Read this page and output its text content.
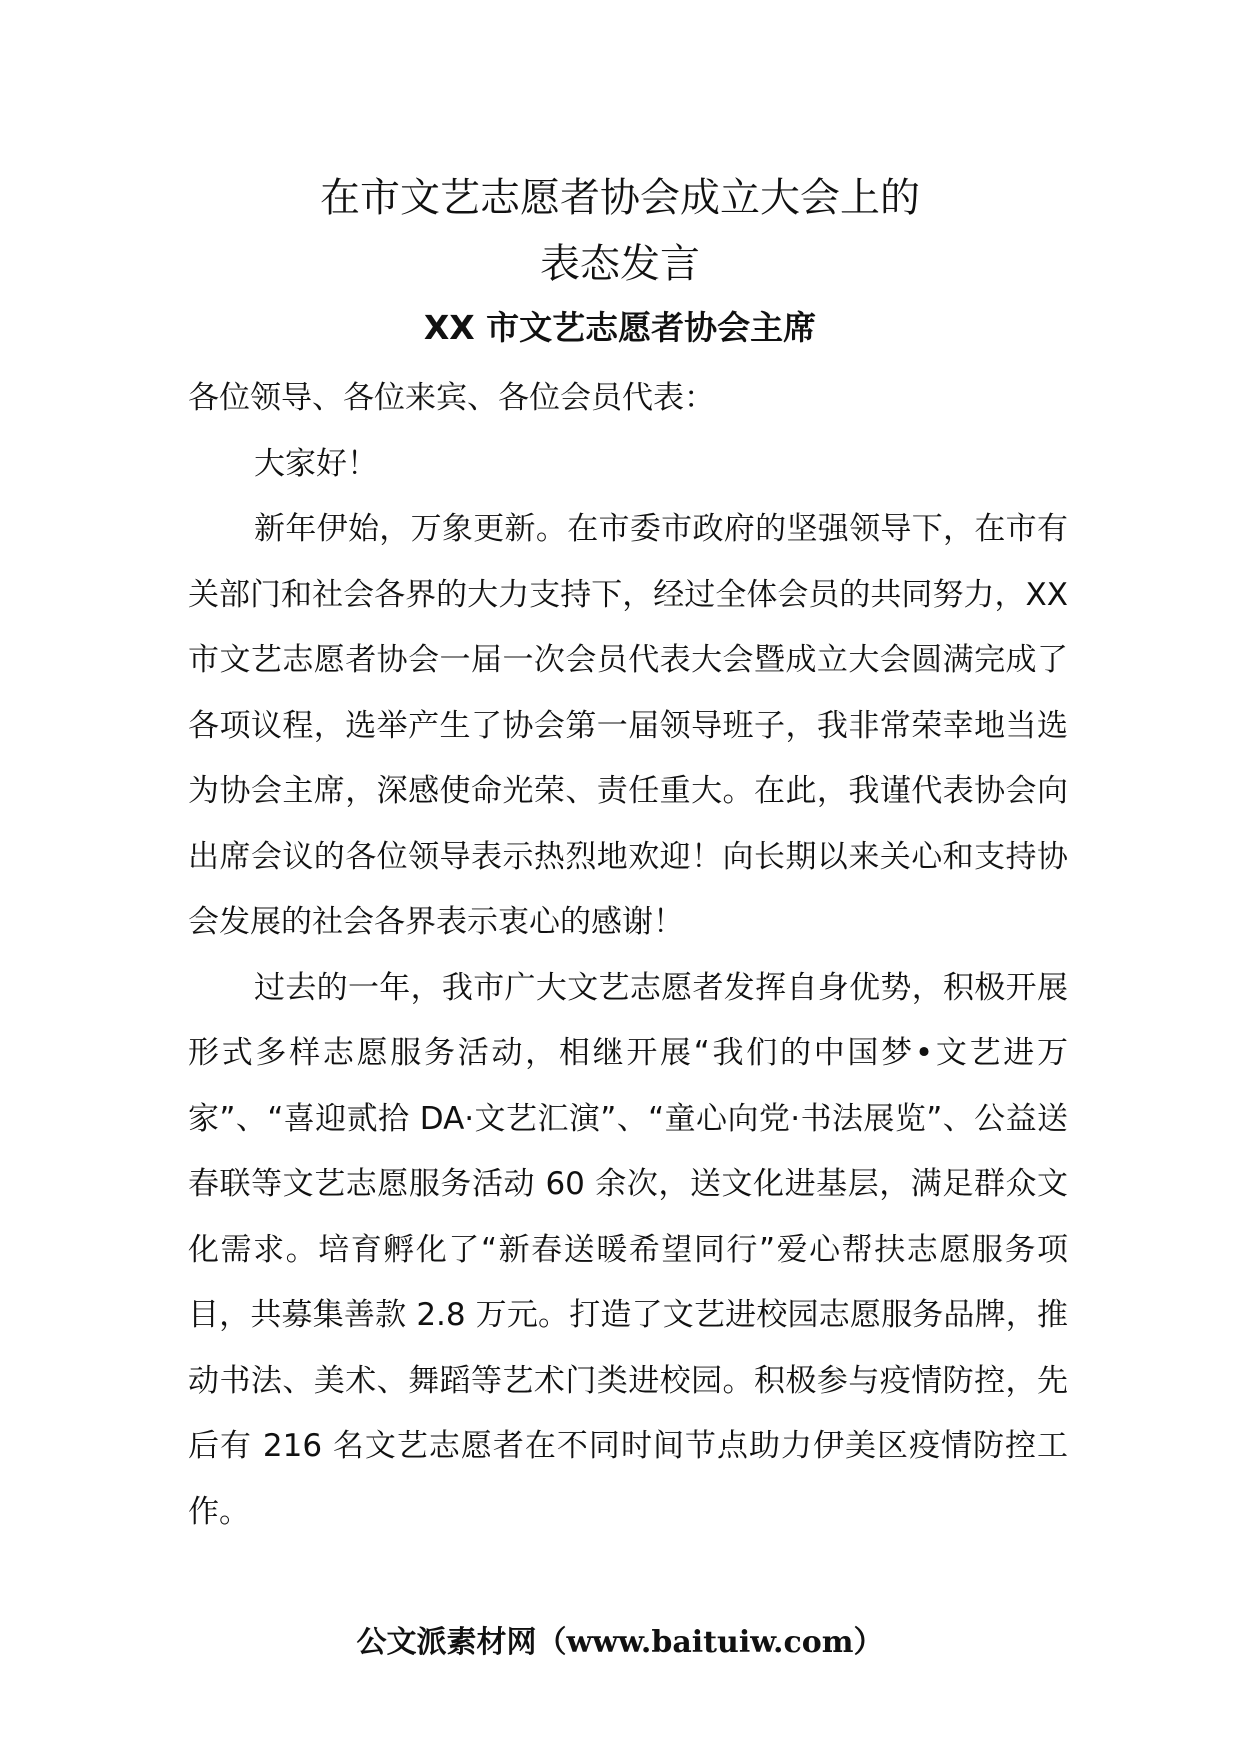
在市文艺志愿者协会成立大会上的
表态发言
XX 市文艺志愿者协会主席

各位领导、各位来宾、各位会员代表：

大家好！

新年伊始，万象更新。在市委市政府的坚强领导下，在市有关部门和社会各界的大力支持下，经过全体会员的共同努力，XX 市文艺志愿者协会一届一次会员代表大会暨成立大会圆满完成了各项议程，选举产生了协会第一届领导班子，我非常荣幸地当选为协会主席，深感使命光荣、责任重大。在此，我谨代表协会向出席会议的各位领导表示热烈地欢迎！向长期以来关心和支持协会发展的社会各界表示衷心的感谢！

过去的一年，我市广大文艺志愿者发挥自身优势，积极开展形式多样志愿服务活动，相继开展“我们的中国梦•文艺进万家”、“喜迎贰拾 DA·文艺汇演”、“童心向党·书法展览”、公益送春联等文艺志愿服务活动 60 余次，送文化进基层，满足群众文化需求。培育孵化了“新春送暖希望同行”爱心帮扶志愿服务项目，共募集善款 2.8 万元。打造了文艺进校园志愿服务品牌，推动书法、美术、舞蹈等艺术门类进校园。积极参与疫情防控，先后有 216 名文艺志愿者在不同时间节点助力伊美区疫情防控工作。

公文派素材网（www.baituiw.com）
